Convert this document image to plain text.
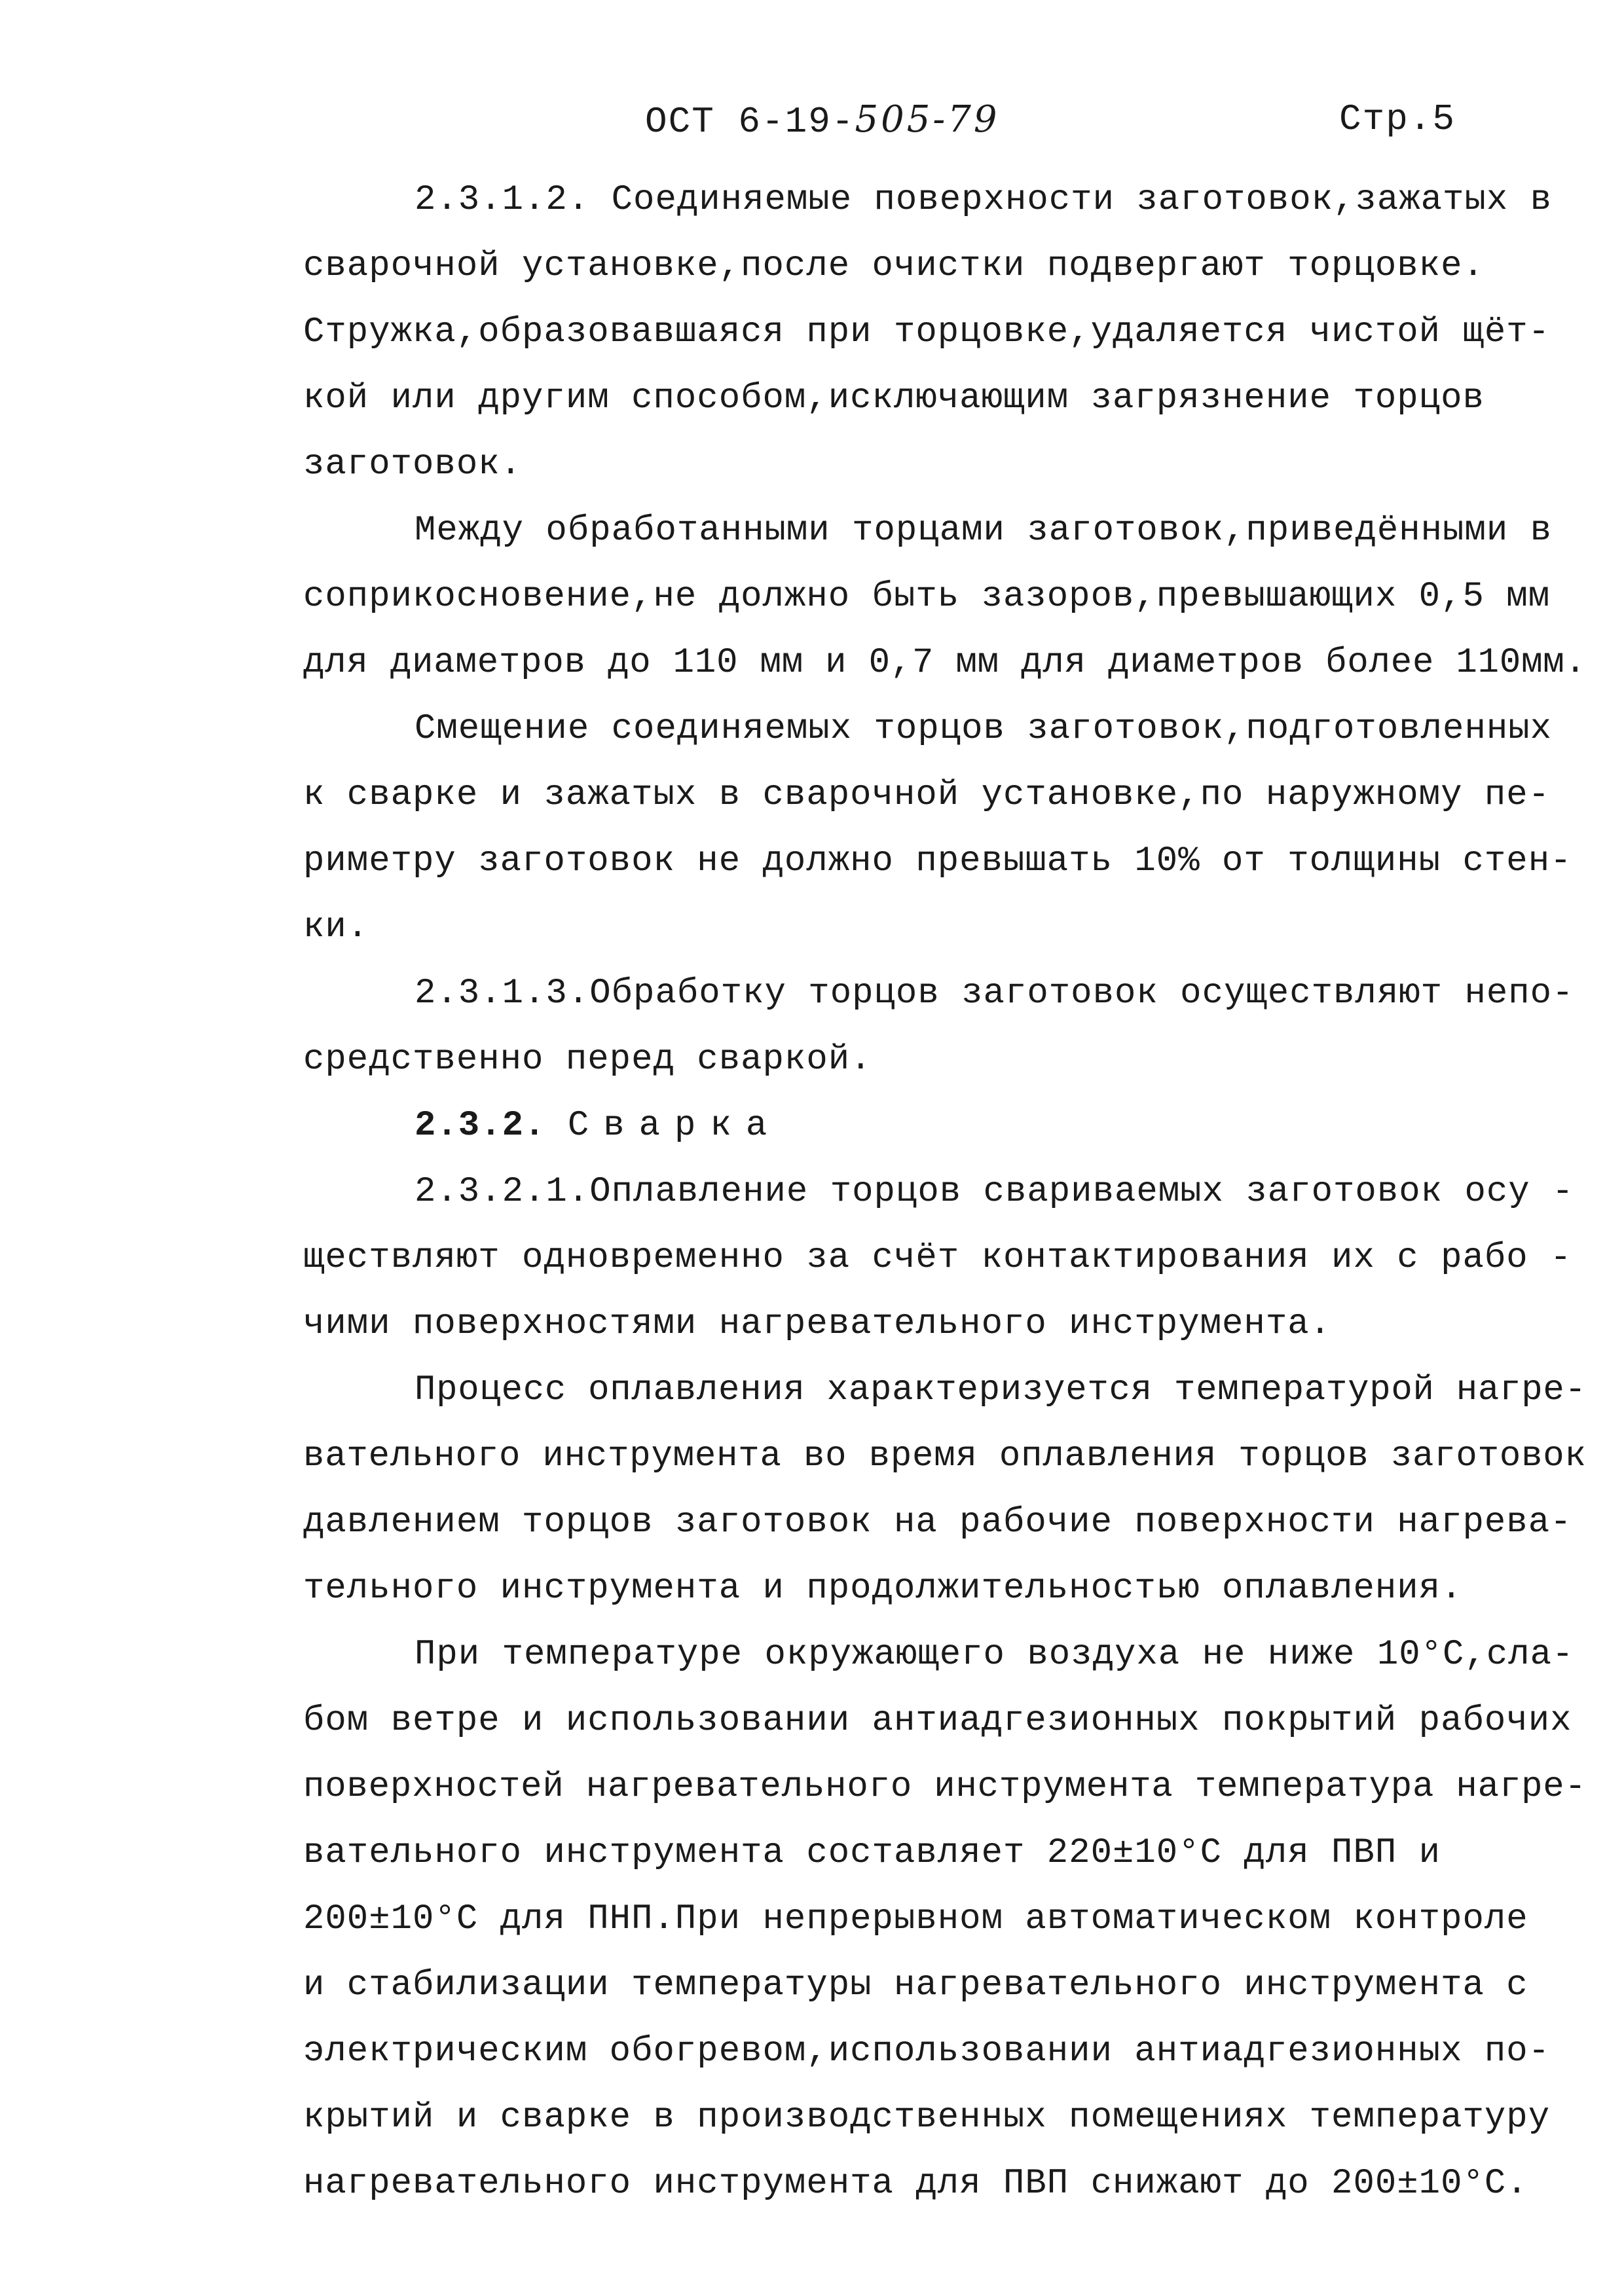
ОСТ 6-19-505-79	Стр.5

2.3.1.2. Соединяемые поверхности заготовок,зажатых в
сварочной установке,после очистки подвергают торцовке.
Стружка,образовавшаяся при торцовке,удаляется чистой щёт-
кой или другим способом,исключающим загрязнение торцов
заготовок.

Между обработанными торцами заготовок,приведёнными в
соприкосновение,не должно быть зазоров,превышающих 0,5 мм
для диаметров до 110 мм и 0,7 мм для диаметров более 110мм.

Смещение соединяемых торцов заготовок,подготовленных
к сварке и зажатых в сварочной установке,по наружному пе-
риметру заготовок не должно превышать 10% от толщины стен-
ки.

2.3.1.3.Обработку торцов заготовок осуществляют непо-
средственно перед сваркой.

2.3.2. Сварка

2.3.2.1.Оплавление торцов свариваемых заготовок осу -
ществляют одновременно за счёт контактирования их с рабо -
чими поверхностями нагревательного инструмента.

Процесс оплавления характеризуется температурой нагре-
вательного инструмента во время оплавления торцов заготовок
давлением торцов заготовок на рабочие поверхности нагрева-
тельного инструмента и продолжительностью оплавления.

При температуре окружающего воздуха не ниже 10°С,сла-
бом ветре и использовании антиадгезионных покрытий рабочих
поверхностей нагревательного инструмента температура нагре-
вательного инструмента составляет 220±10°С для ПВП и
200±10°С для ПНП.При непрерывном автоматическом контроле
и стабилизации температуры нагревательного инструмента с
электрическим обогревом,использовании антиадгезионных по-
крытий и сварке в производственных помещениях температуру
нагревательного инструмента для ПВП снижают до 200±10°С.
